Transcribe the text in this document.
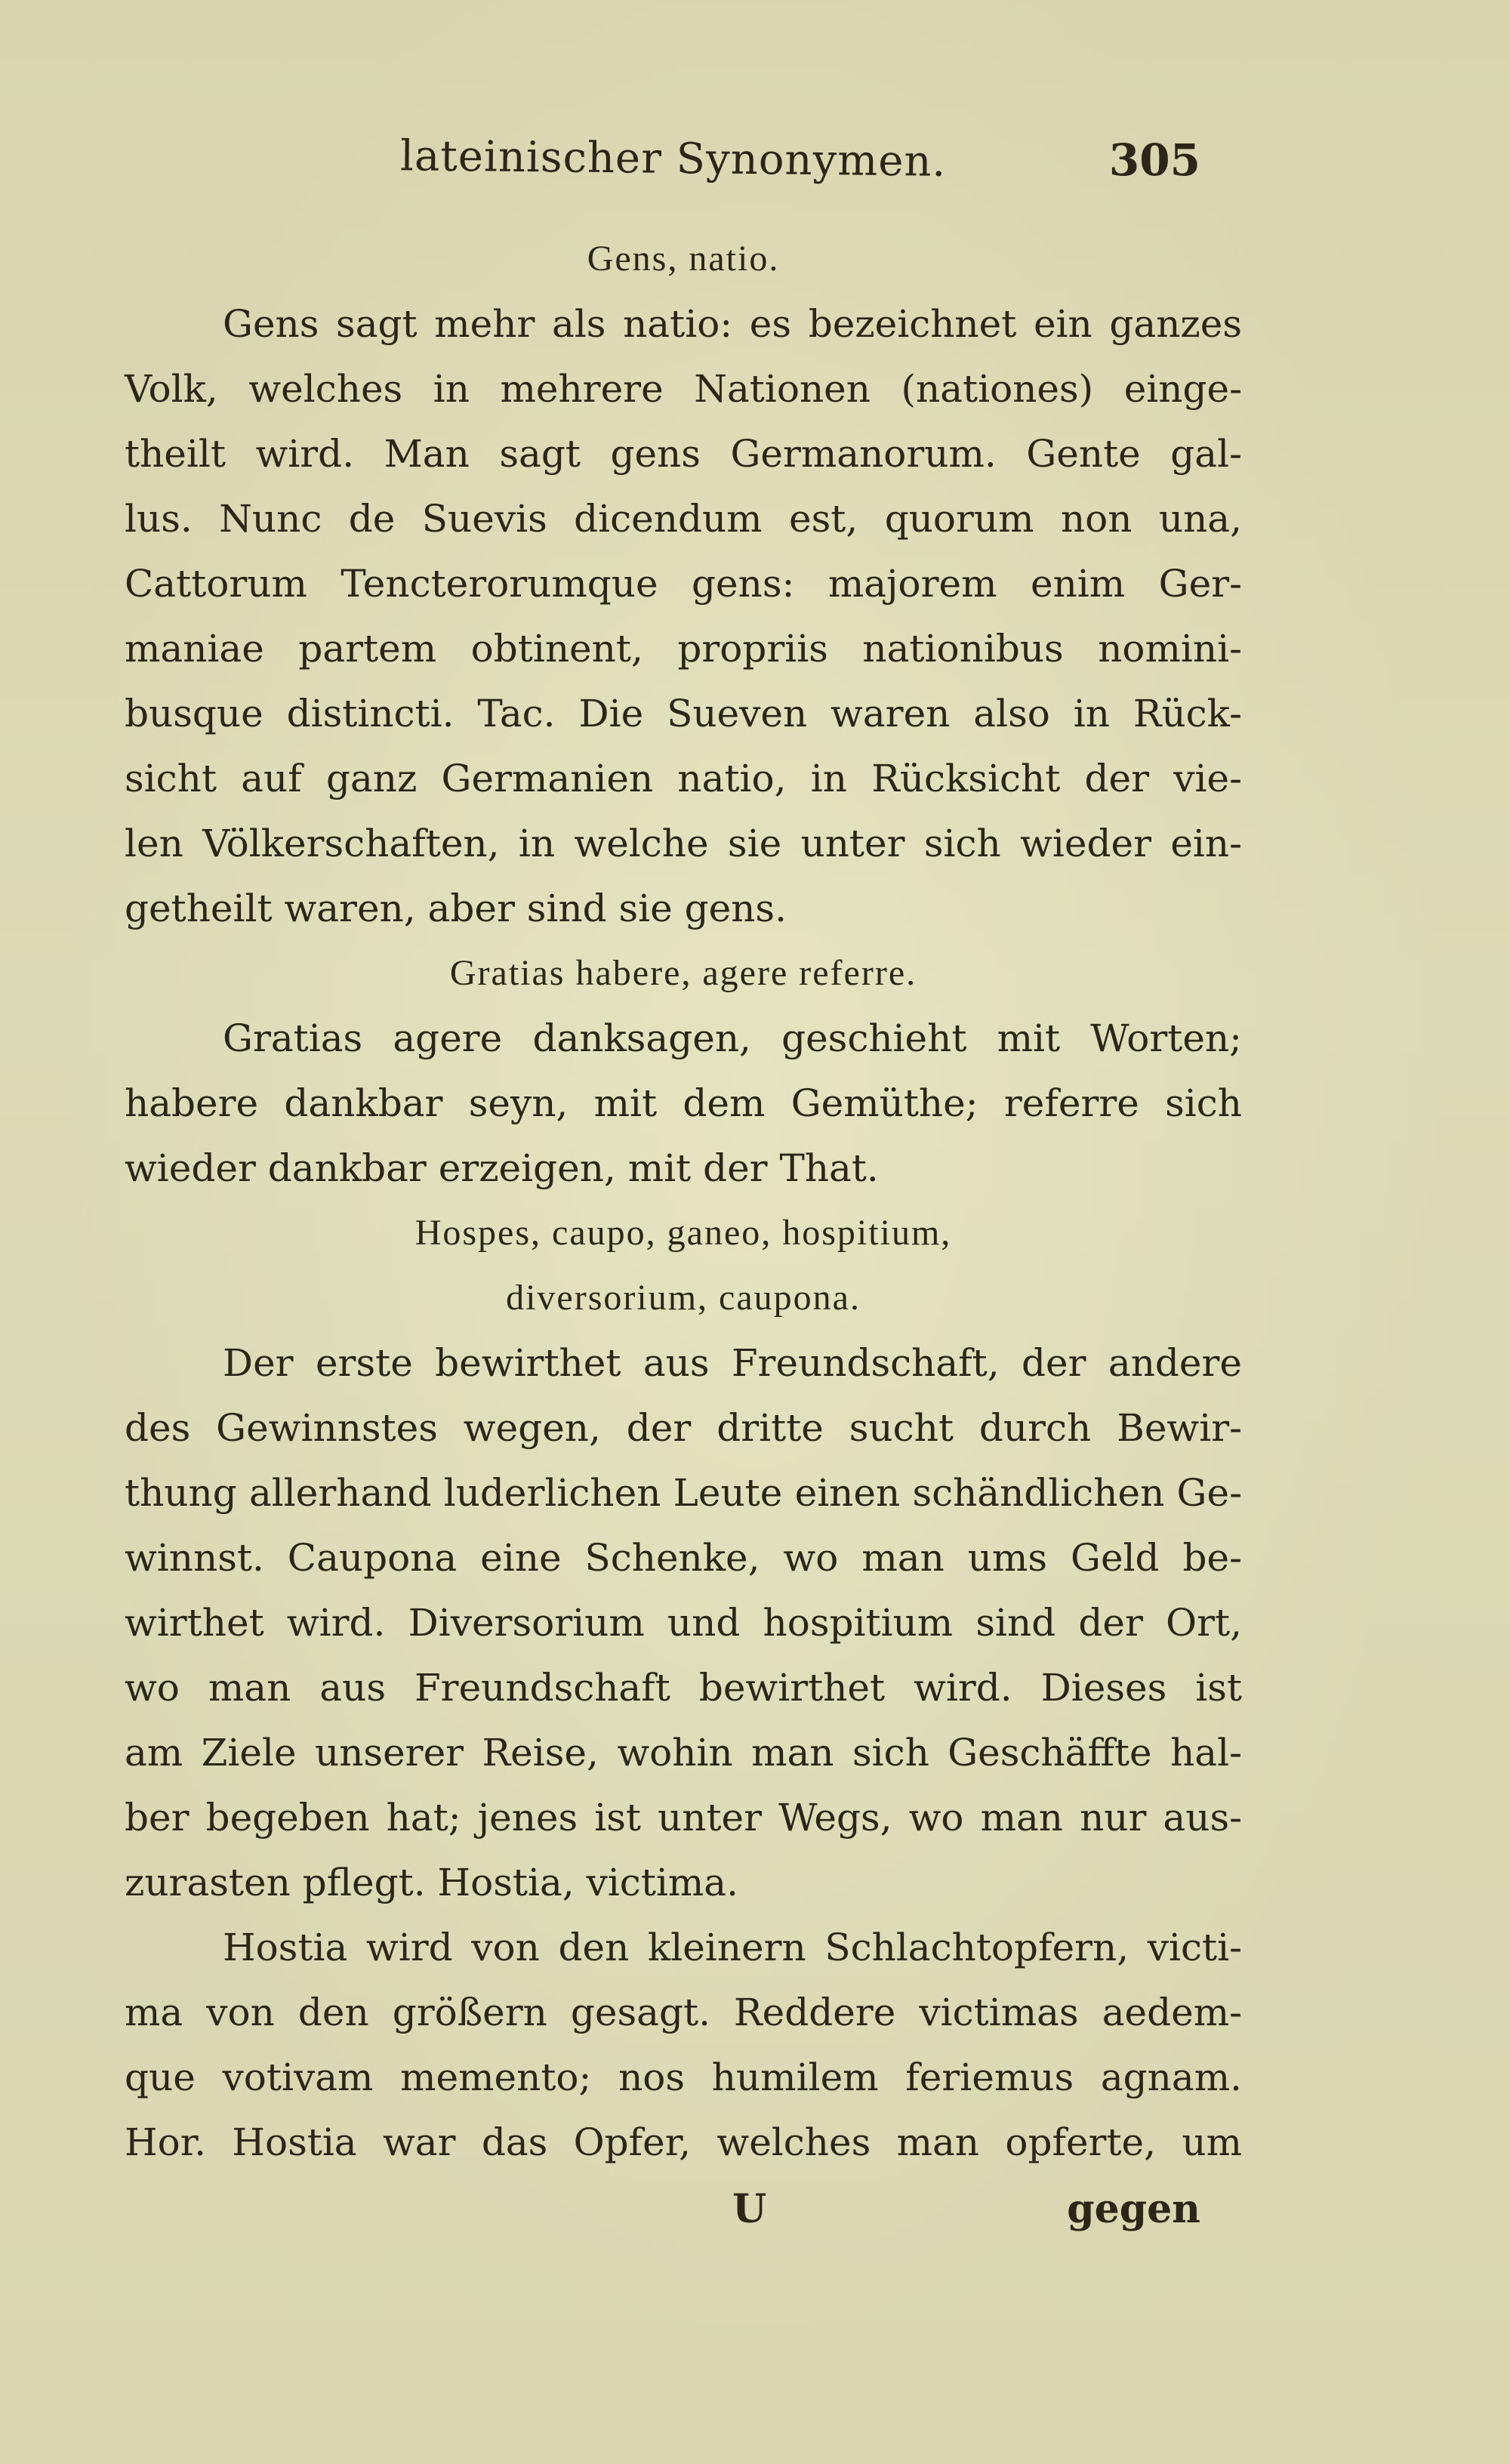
lateinischer Synonymen.	305
Gens, natio.
Gens sagt mehr als natio: es bezeichnet ein ganzes
Volk, welches in mehrere Nationen (nationes) einge-
theilt wird. Man sagt gens Germanorum. Gente gal-
lus. Nunc de Suevis dicendum est, quorum non una,
Cattorum Tencterorumque gens: majorem enim Ger-
maniae partem obtinent, propriis nationibus nomini-
busque distincti. Tac. Die Sueven waren also in Rück-
sicht auf ganz Germanien natio, in Rücksicht der vie-
len Völkerschaften, in welche sie unter sich wieder ein-
getheilt waren, aber sind sie gens.
Gratias habere, agere referre.
Gratias agere danksagen, geschieht mit Worten;
habere dankbar seyn, mit dem Gemüthe; referre sich
wieder dankbar erzeigen, mit der That.
Hospes, caupo, ganeo, hospitium,
diversorium, caupona.
Der erste bewirthet aus Freundschaft, der andere
des Gewinnstes wegen, der dritte sucht durch Bewir-
thung allerhand luderlichen Leute einen schändlichen Ge-
winnst. Caupona eine Schenke, wo man ums Geld be-
wirthet wird. Diversorium und hospitium sind der Ort,
wo man aus Freundschaft bewirthet wird. Dieses ist
am Ziele unserer Reise, wohin man sich Geschäffte hal-
ber begeben hat; jenes ist unter Wegs, wo man nur aus-
zurasten pflegt. Hostia, victima.
Hostia wird von den kleinern Schlachtopfern, victi-
ma von den größern gesagt. Reddere victimas aedem-
que votivam memento; nos humilem feriemus agnam.
Hor. Hostia war das Opfer, welches man opferte, um
U	gegen
